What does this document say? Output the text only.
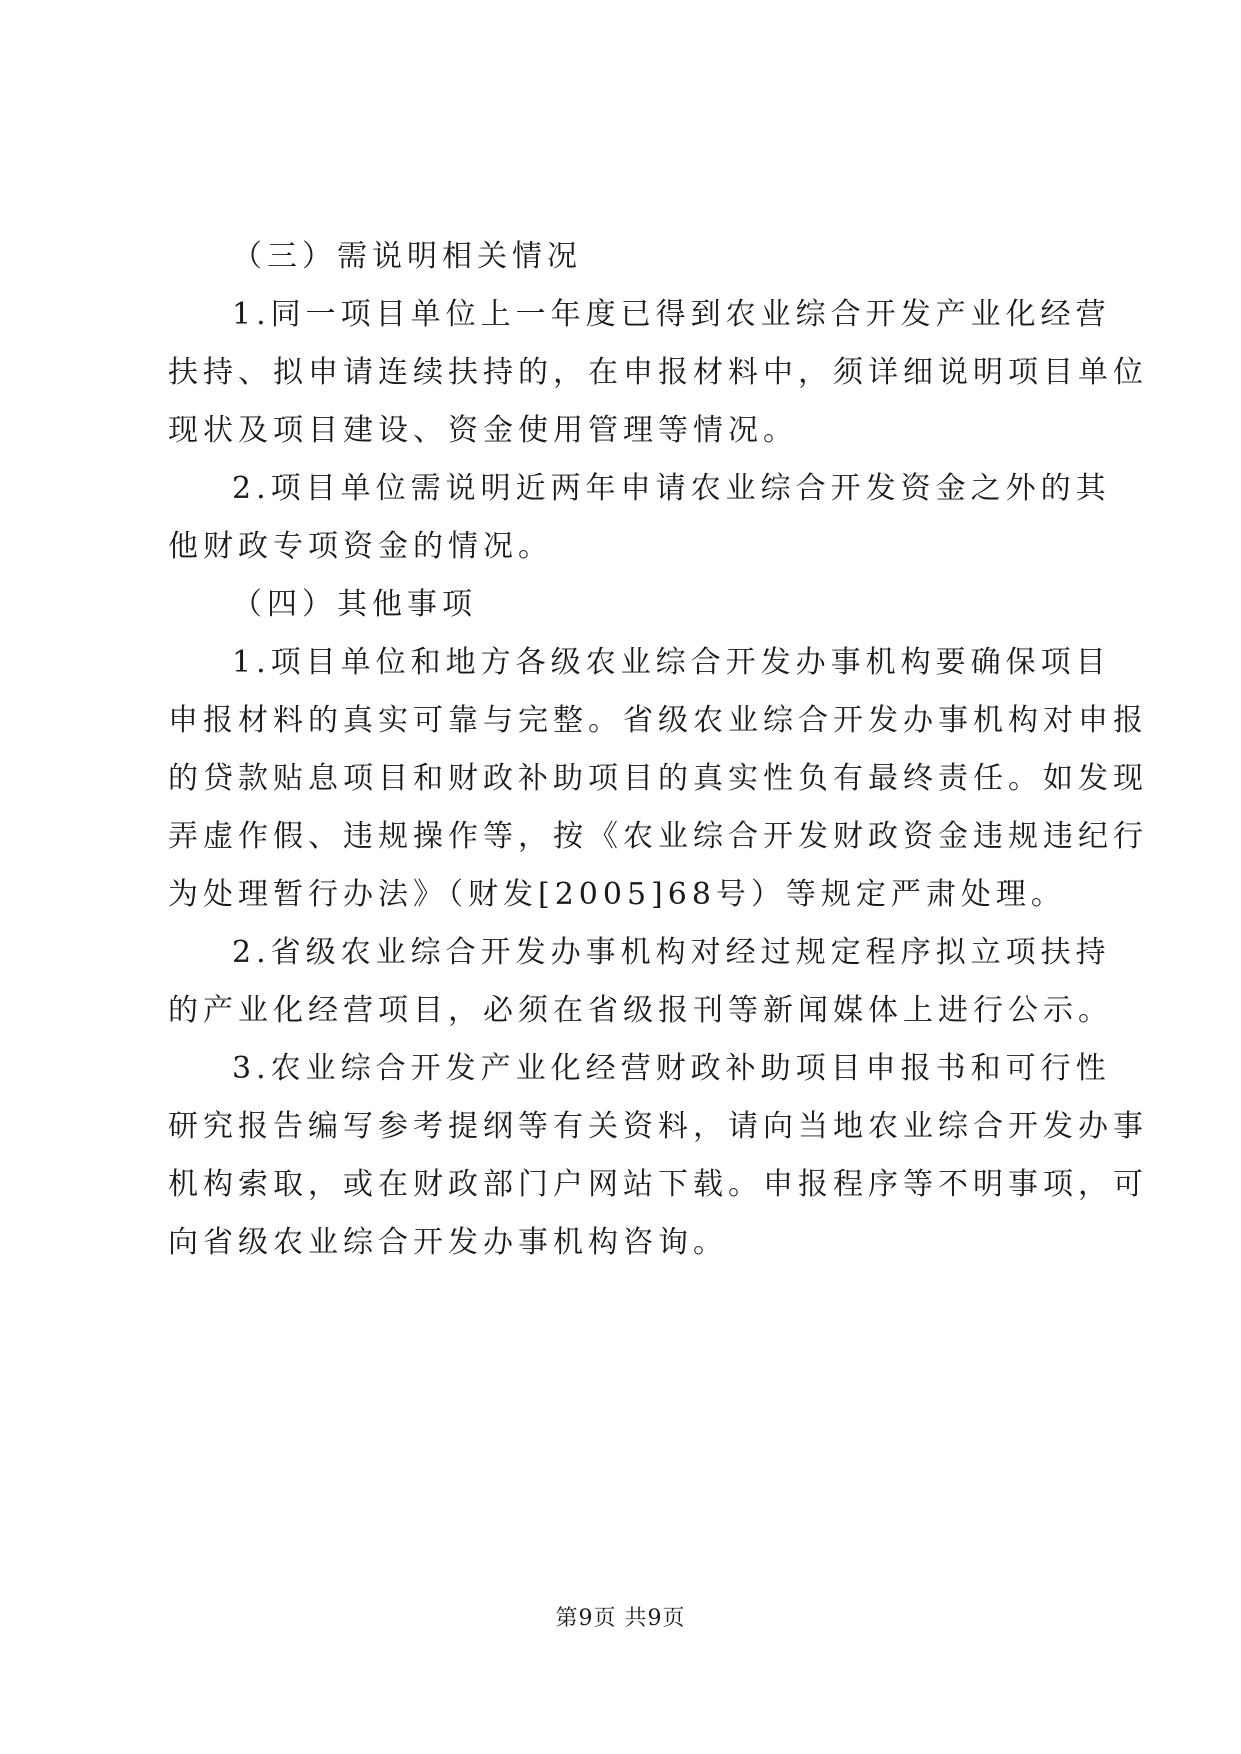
（三）需说明相关情况

1.同一项目单位上一年度已得到农业综合开发产业化经营

扶持、拟申请连续扶持的，在申报材料中，须详细说明项目单位

现状及项目建设、资金使用管理等情况。

2.项目单位需说明近两年申请农业综合开发资金之外的其

他财政专项资金的情况。

（四）其他事项

1.项目单位和地方各级农业综合开发办事机构要确保项目

申报材料的真实可靠与完整。省级农业综合开发办事机构对申报

的贷款贴息项目和财政补助项目的真实性负有最终责任。如发现

弄虚作假、违规操作等，按《农业综合开发财政资金违规违纪行

为处理暂行办法》（财发[2005]68号）等规定严肃处理。

2.省级农业综合开发办事机构对经过规定程序拟立项扶持

的产业化经营项目，必须在省级报刊等新闻媒体上进行公示。

3.农业综合开发产业化经营财政补助项目申报书和可行性

研究报告编写参考提纲等有关资料，请向当地农业综合开发办事

机构索取，或在财政部门户网站下载。申报程序等不明事项，可

向省级农业综合开发办事机构咨询。

第9页 共9页
